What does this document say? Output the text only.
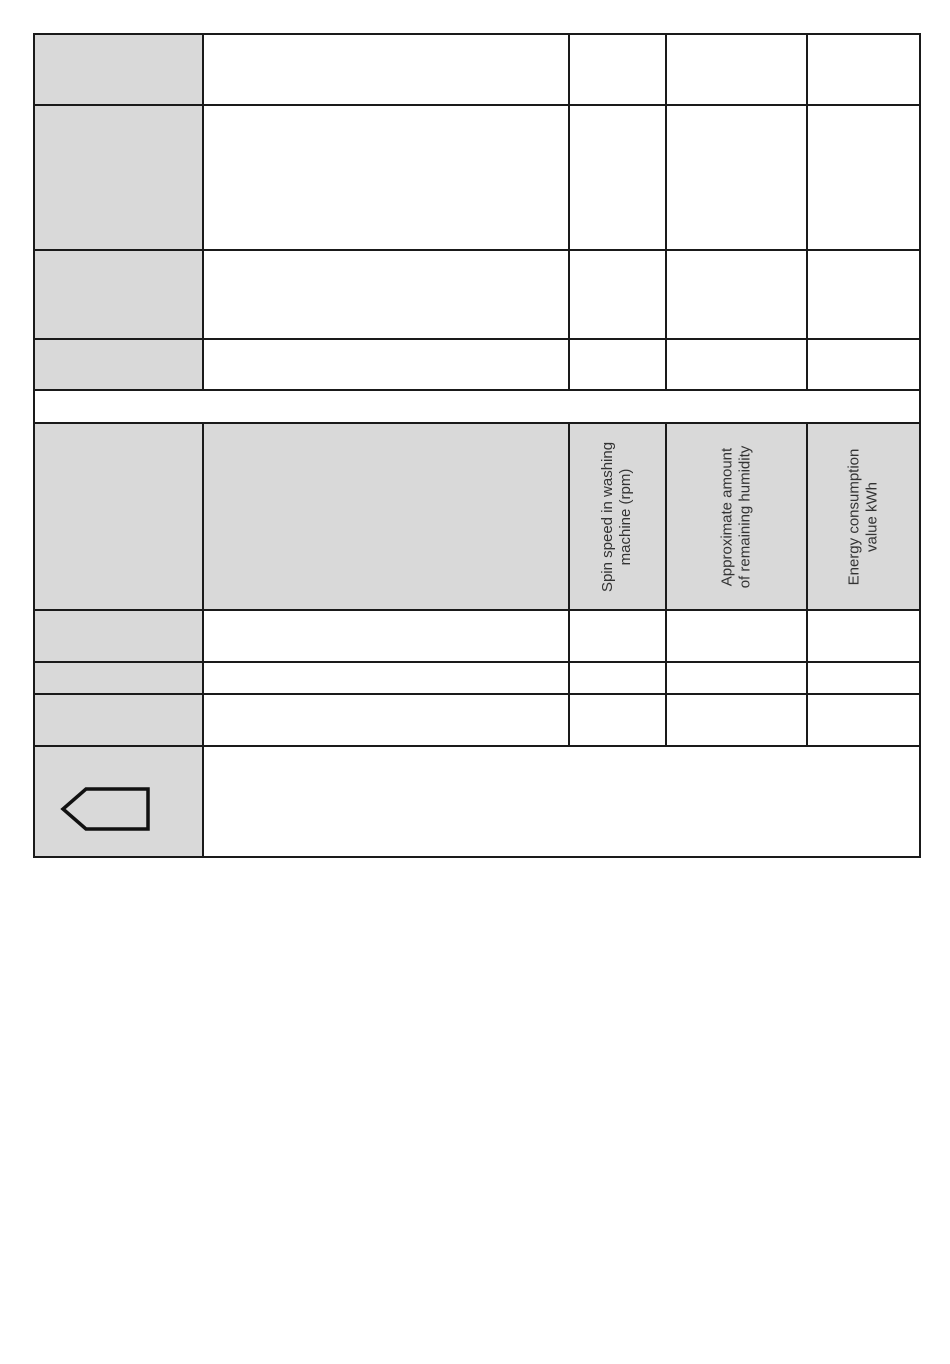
Spin speed in washing machine (rpm)	Approximate amount of remaining humidity	Energy consumption value kWh
